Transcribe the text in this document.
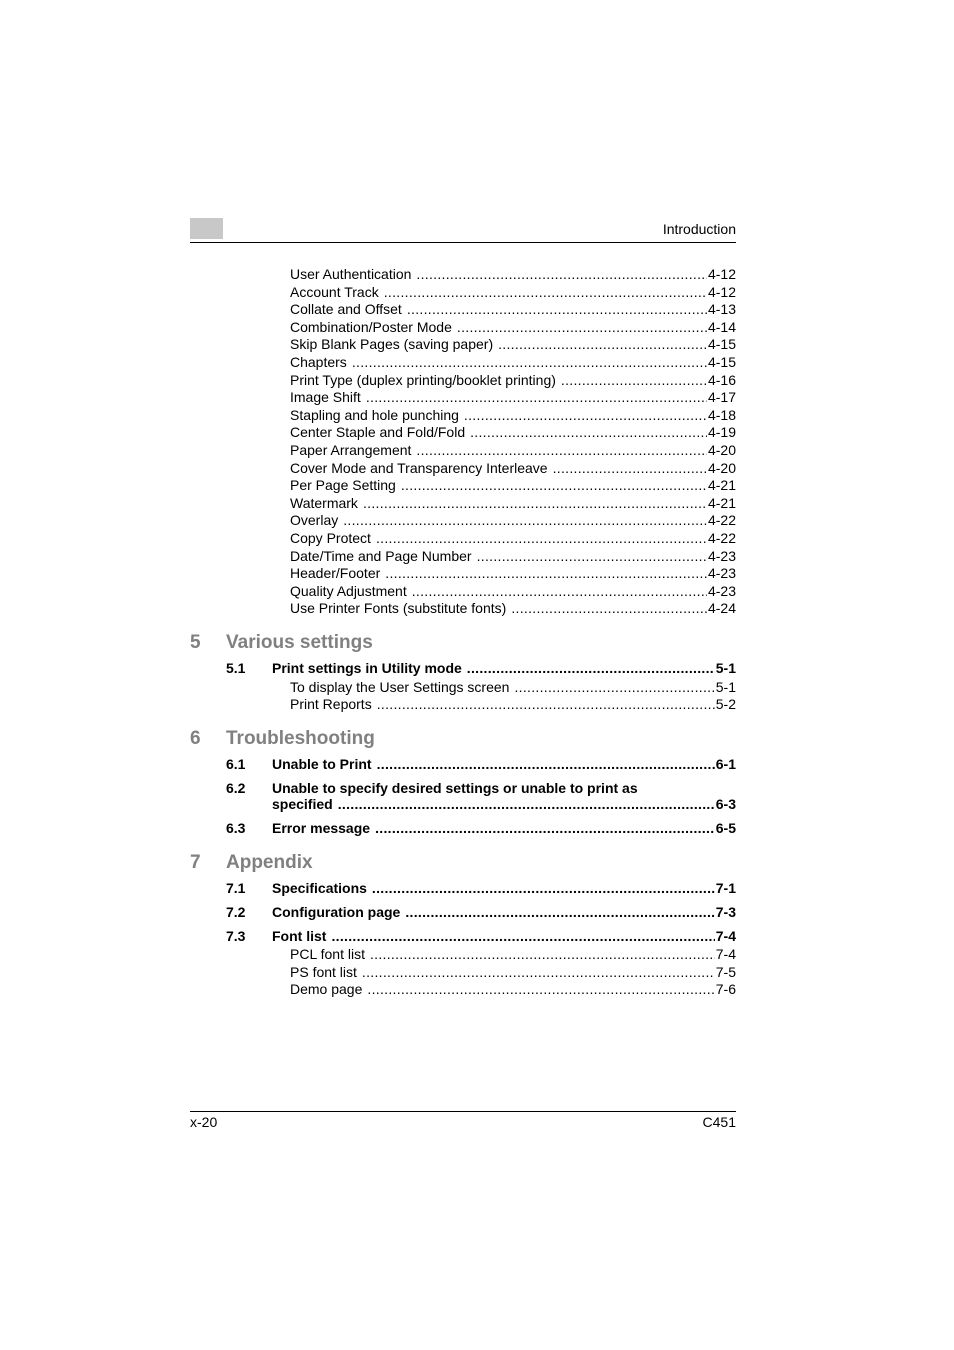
Introduction
User Authentication .....	4-12
Account Track .....	4-12
Collate and Offset .....	4-13
Combination/Poster Mode .....	4-14
Skip Blank Pages (saving paper) .....	4-15
Chapters .....	4-15
Print Type (duplex printing/booklet printing) .....	4-16
Image Shift .....	4-17
Stapling and hole punching .....	4-18
Center Staple and Fold/Fold .....	4-19
Paper Arrangement .....	4-20
Cover Mode and Transparency Interleave .....	4-20
Per Page Setting .....	4-21
Watermark .....	4-21
Overlay .....	4-22
Copy Protect .....	4-22
Date/Time and Page Number .....	4-23
Header/Footer .....	4-23
Quality Adjustment .....	4-23
Use Printer Fonts (substitute fonts) .....	4-24
5	Various settings
5.1	Print settings in Utility mode .....	5-1
To display the User Settings screen .....	5-1
Print Reports .....	5-2
6	Troubleshooting
6.1	Unable to Print .....	6-1
6.2	Unable to specify desired settings or unable to print as
specified .....	6-3
6.3	Error message .....	6-5
7	Appendix
7.1	Specifications .....	7-1
7.2	Configuration page .....	7-3
7.3	Font list .....	7-4
PCL font list .....	7-4
PS font list .....	7-5
Demo page .....	7-6
x-20	C451
